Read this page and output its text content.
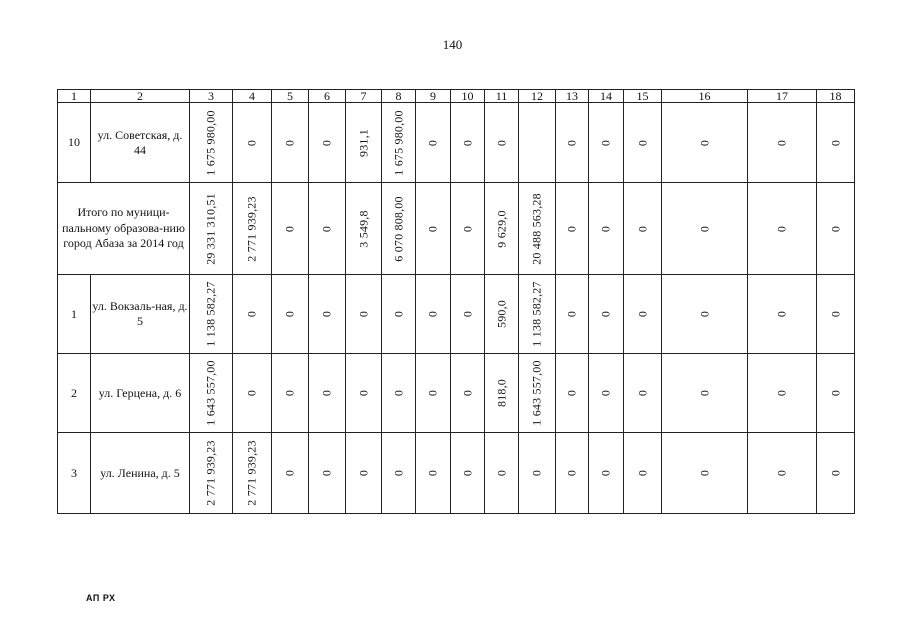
140
1	2	3	4	5	6	7	8	9	10	11	12	13	14	15	16	17	18
10	ул. Советская, д. 44	1 675 980,00	0	0	0	931,1	1 675 980,00	0	0	0		0	0	0	0	0	0

Итого по муници-пальному образова-нию город Абаза за 2014 год		29 331 310,51	2 771 939,23	0	0	3 549,8	6 070 808,00	0	0	9 629,0	20 488 563,28	0	0	0	0	0	0

1	ул. Вокзаль-ная, д. 5	1 138 582,27	0	0	0	0	0	0	0	590,0	1 138 582,27	0	0	0	0	0	0

2	ул. Герцена, д. 6	1 643 557,00	0	0	0	0	0	0	0	818,0	1 643 557,00	0	0	0	0	0	0

3	ул. Ленина, д. 5	2 771 939,23	2 771 939,23	0	0	0	0	0	0	0	0	0	0	0	0	0	0
АП РХ
